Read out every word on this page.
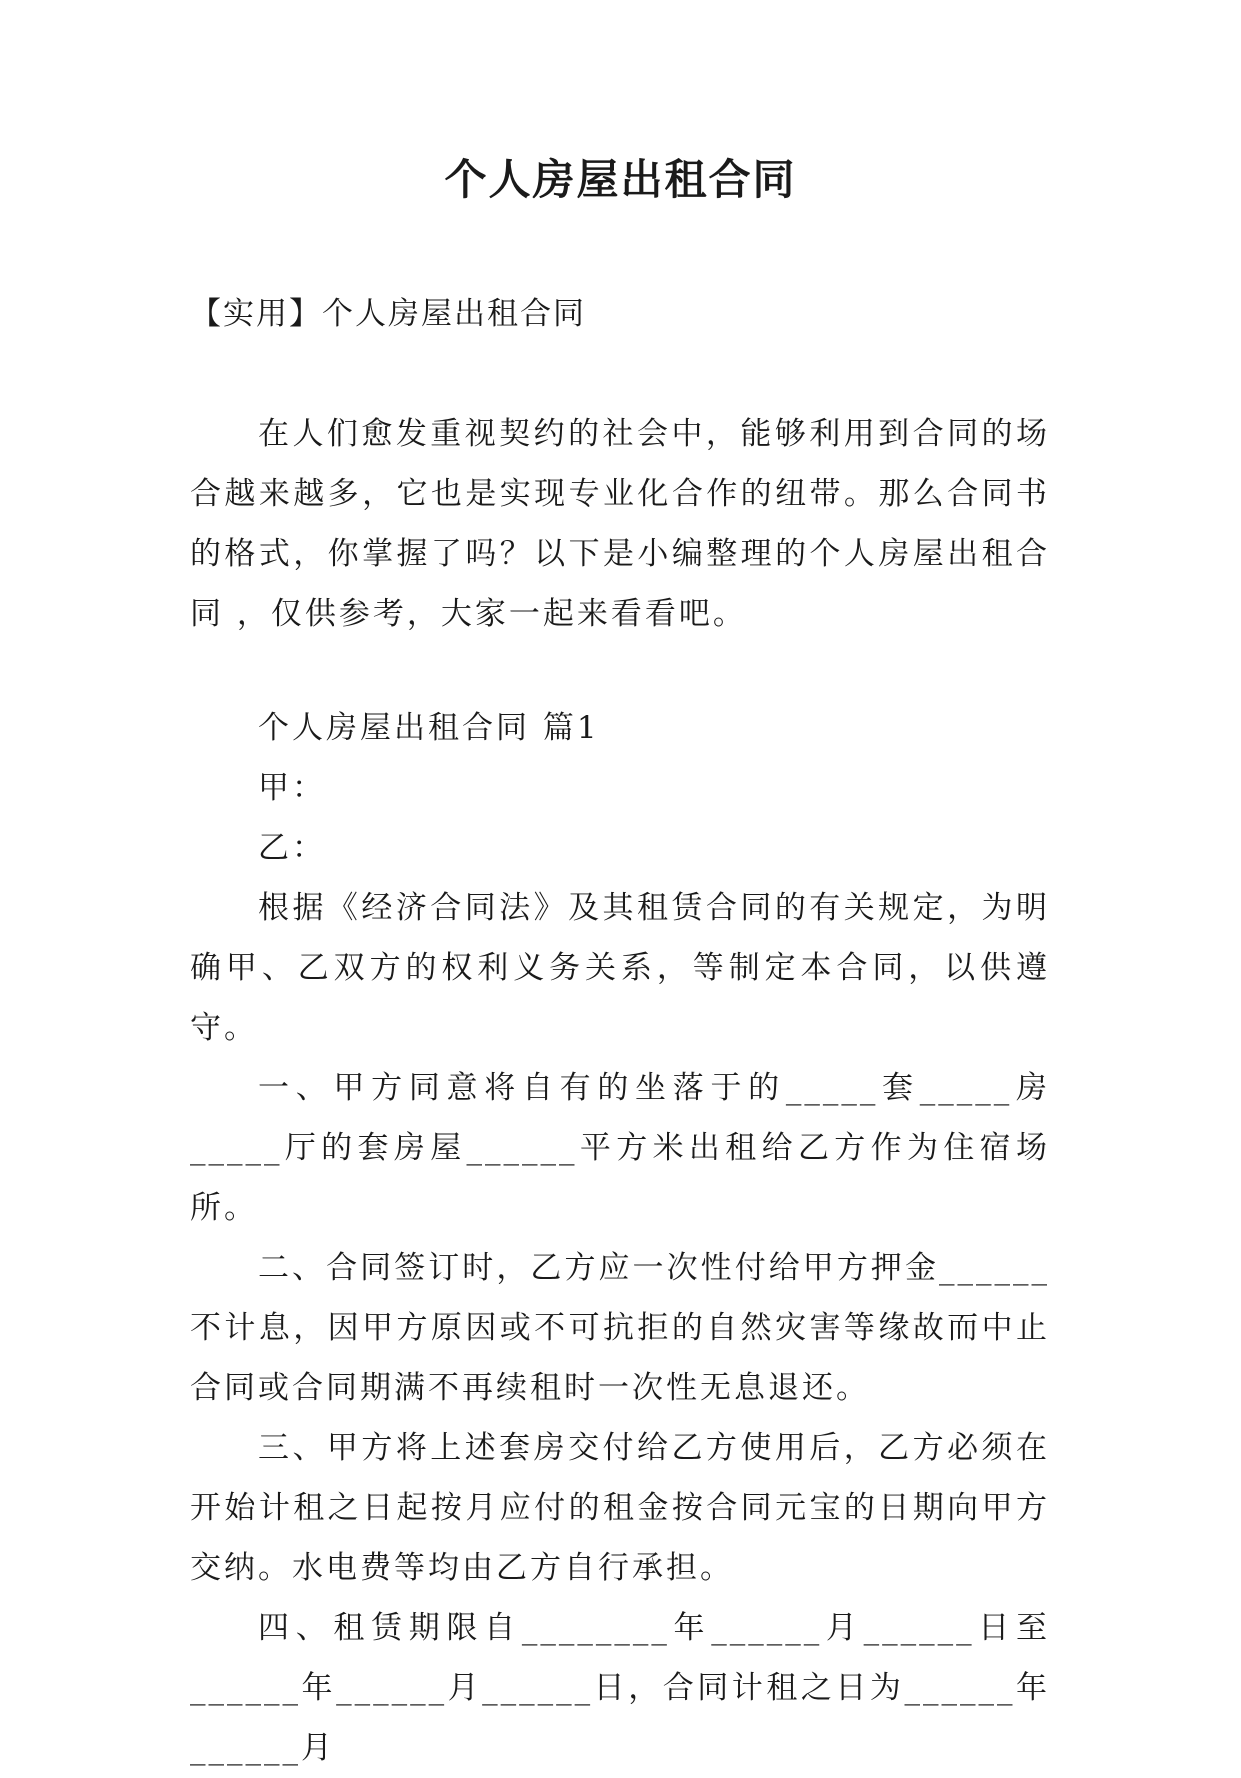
个人房屋出租合同
【实用】个人房屋出租合同

在人们愈发重视契约的社会中，能够利用到合同的场合越来越多，它也是实现专业化合作的纽带。那么合同书的格式，你掌握了吗？以下是小编整理的个人房屋出租合同 ，仅供参考，大家一起来看看吧。

个人房屋出租合同 篇1

甲：

乙：

根据《经济合同法》及其租赁合同的有关规定，为明确甲、乙双方的权利义务关系，等制定本合同，以供遵守。

一、甲方同意将自有的坐落于的_____套_____房_____厅的套房屋______平方米出租给乙方作为住宿场所。

二、合同签订时，乙方应一次性付给甲方押金______不计息，因甲方原因或不可抗拒的自然灾害等缘故而中止合同或合同期满不再续租时一次性无息退还。

三、甲方将上述套房交付给乙方使用后，乙方必须在开始计租之日起按月应付的租金按合同元宝的日期向甲方交纳。水电费等均由乙方自行承担。

四、租赁期限自________年______月______日至______年______月______日，合同计租之日为______年______月
